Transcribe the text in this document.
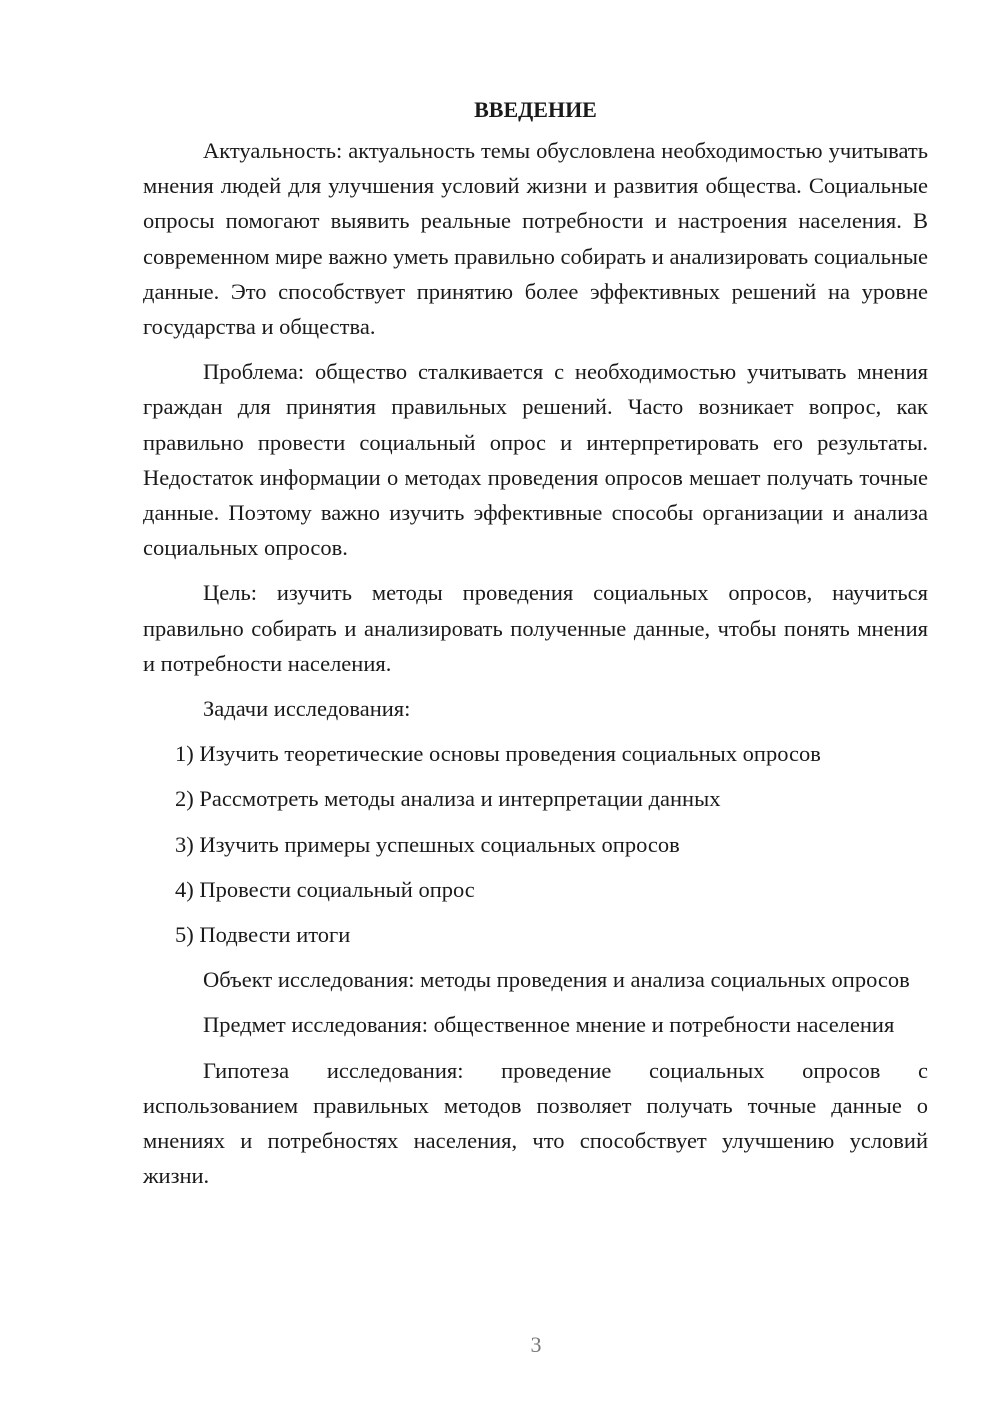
ВВЕДЕНИЕ

Актуальность: актуальность темы обусловлена необходимостью учитывать мнения людей для улучшения условий жизни и развития общества. Социальные опросы помогают выявить реальные потребности и настроения населения. В современном мире важно уметь правильно собирать и анализировать социальные данные. Это способствует принятию более эффективных решений на уровне государства и общества.

Проблема: общество сталкивается с необходимостью учитывать мнения граждан для принятия правильных решений. Часто возникает вопрос, как правильно провести социальный опрос и интерпретировать его результаты. Недостаток информации о методах проведения опросов мешает получать точные данные. Поэтому важно изучить эффективные способы организации и анализа социальных опросов.

Цель: изучить методы проведения социальных опросов, научиться правильно собирать и анализировать полученные данные, чтобы понять мнения и потребности населения.

Задачи исследования:

1) Изучить теоретические основы проведения социальных опросов
2) Рассмотреть методы анализа и интерпретации данных
3) Изучить примеры успешных социальных опросов
4) Провести социальный опрос
5) Подвести итоги

Объект исследования: методы проведения и анализа социальных опросов

Предмет исследования: общественное мнение и потребности населения

Гипотеза исследования: проведение социальных опросов с использованием правильных методов позволяет получать точные данные о мнениях и потребностях населения, что способствует улучшению условий жизни.

3
